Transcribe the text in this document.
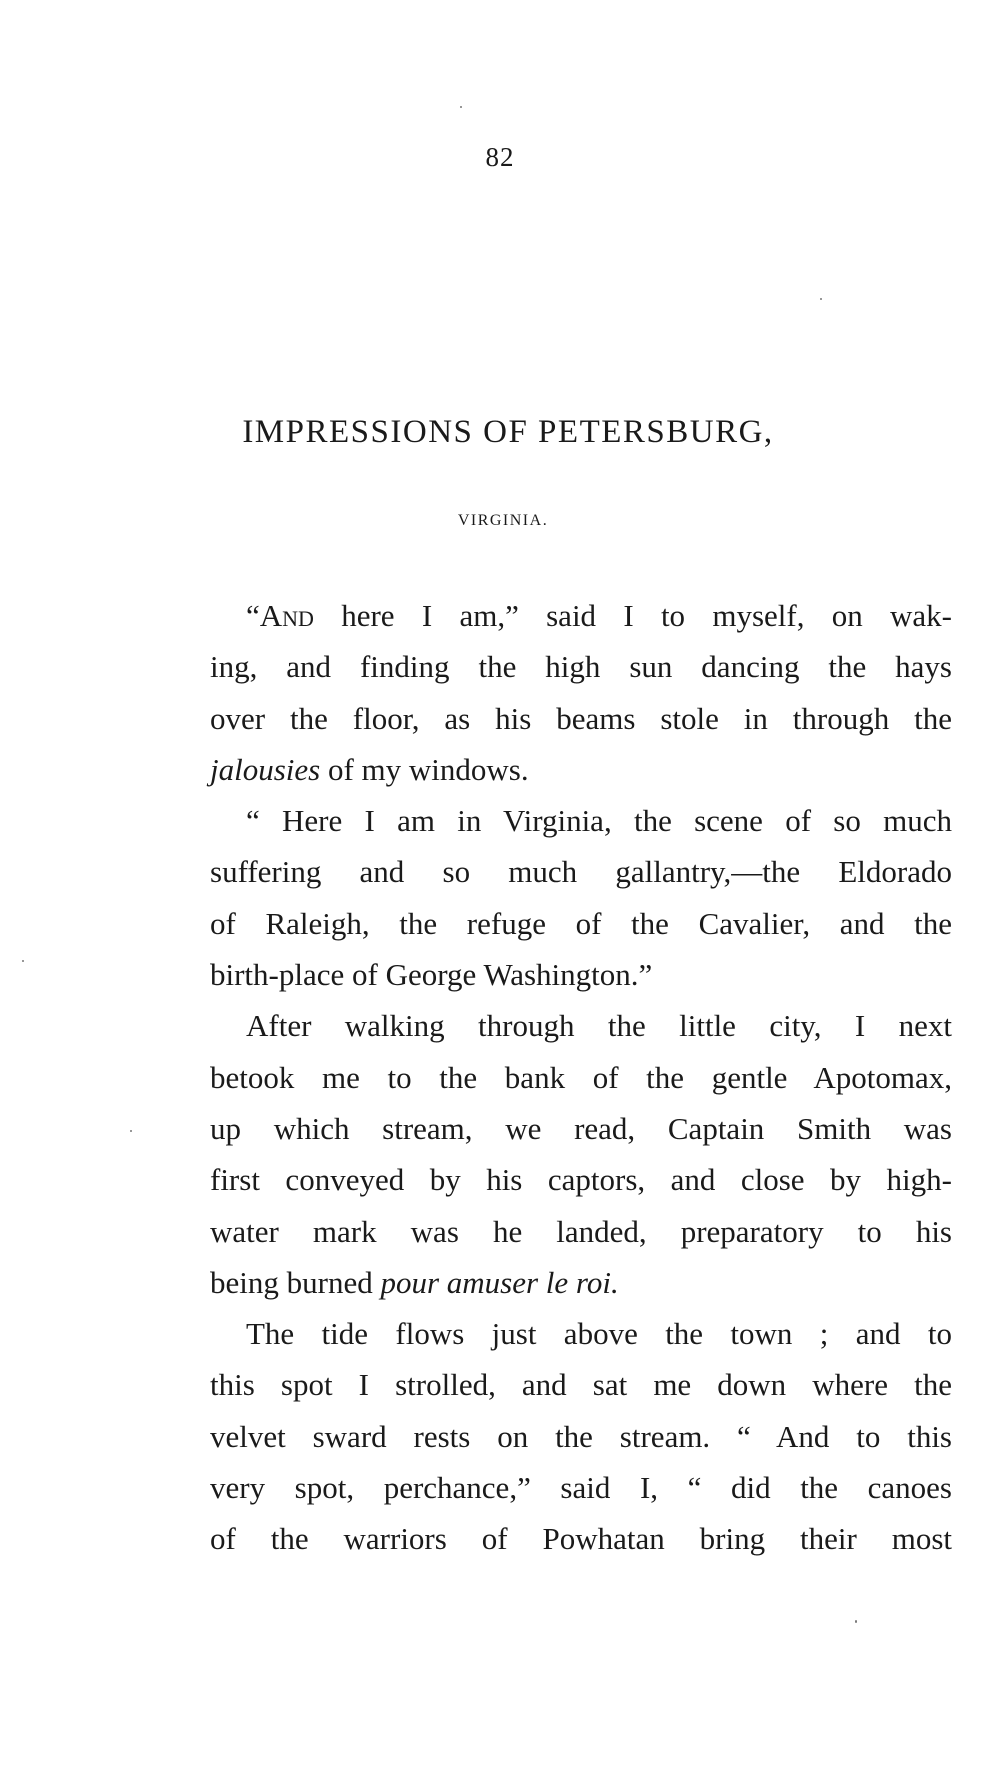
82
IMPRESSIONS OF PETERSBURG,
VIRGINIA.
“And here I am,” said I to myself, on wak-
ing, and finding the high sun dancing the hays
over the floor, as his beams stole in through the
jalousies of my windows.
“ Here I am in Virginia, the scene of so much
suffering and so much gallantry,—the Eldorado
of Raleigh, the refuge of the Cavalier, and the
birth-place of George Washington.”
After walking through the little city, I next
betook me to the bank of the gentle Apotomax,
up which stream, we read, Captain Smith was
first conveyed by his captors, and close by high-
water mark was he landed, preparatory to his
being burned pour amuser le roi.
The tide flows just above the town ; and to
this spot I strolled, and sat me down where the
velvet sward rests on the stream. “ And to this
very spot, perchance,” said I, “ did the canoes
of the warriors of Powhatan bring their most
